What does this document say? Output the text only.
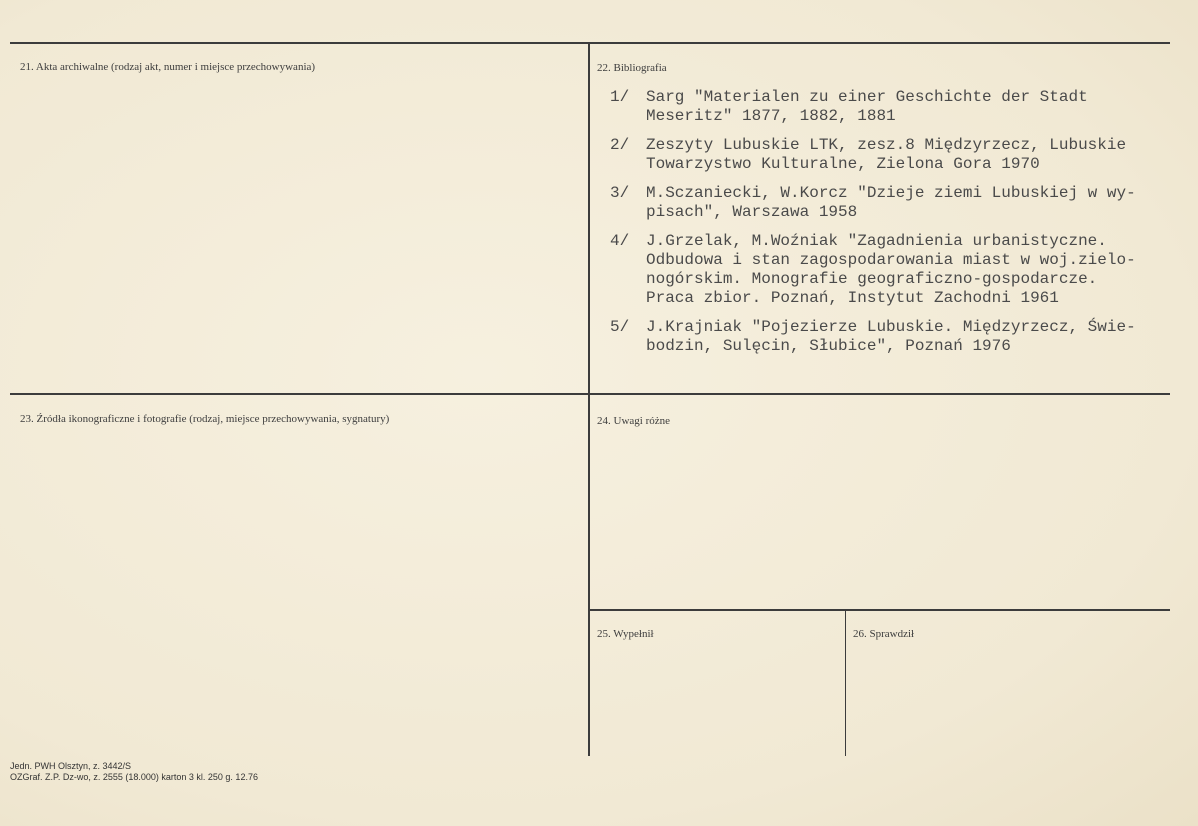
21. Akta archiwalne (rodzaj akt, numer i miejsce przechowywania)	22. Bibliografia
23. Źródła ikonograficzne i fotografie (rodzaj, miejsce przechowywania, sygnatury)	24. Uwagi różne
25. Wypełnił	26. Sprawdził
1/	Sarg "Materialen zu einer Geschichte der Stadt
Meseritz" 1877, 1882, 1881
2/	Zeszyty Lubuskie LTK, zesz.8 Międzyrzecz, Lubuskie
Towarzystwo Kulturalne, Zielona Gora 1970
3/	M.Sczaniecki, W.Korcz "Dzieje ziemi Lubuskiej w wy-
pisach", Warszawa 1958
4/	J.Grzelak, M.Woźniak "Zagadnienia urbanistyczne.
Odbudowa i stan zagospodarowania miast w woj.zielo-
nogórskim. Monografie geograficzno-gospodarcze.
Praca zbior. Poznań, Instytut Zachodni 1961
5/	J.Krajniak "Pojezierze Lubuskie. Międzyrzecz, Świe-
bodzin, Sulęcin, Słubice", Poznań 1976
Jedn. PWH Olsztyn, z. 3442/S
OZGraf. Z.P. Dz-wo, z. 2555 (18.000) karton 3 kl. 250 g. 12.76
